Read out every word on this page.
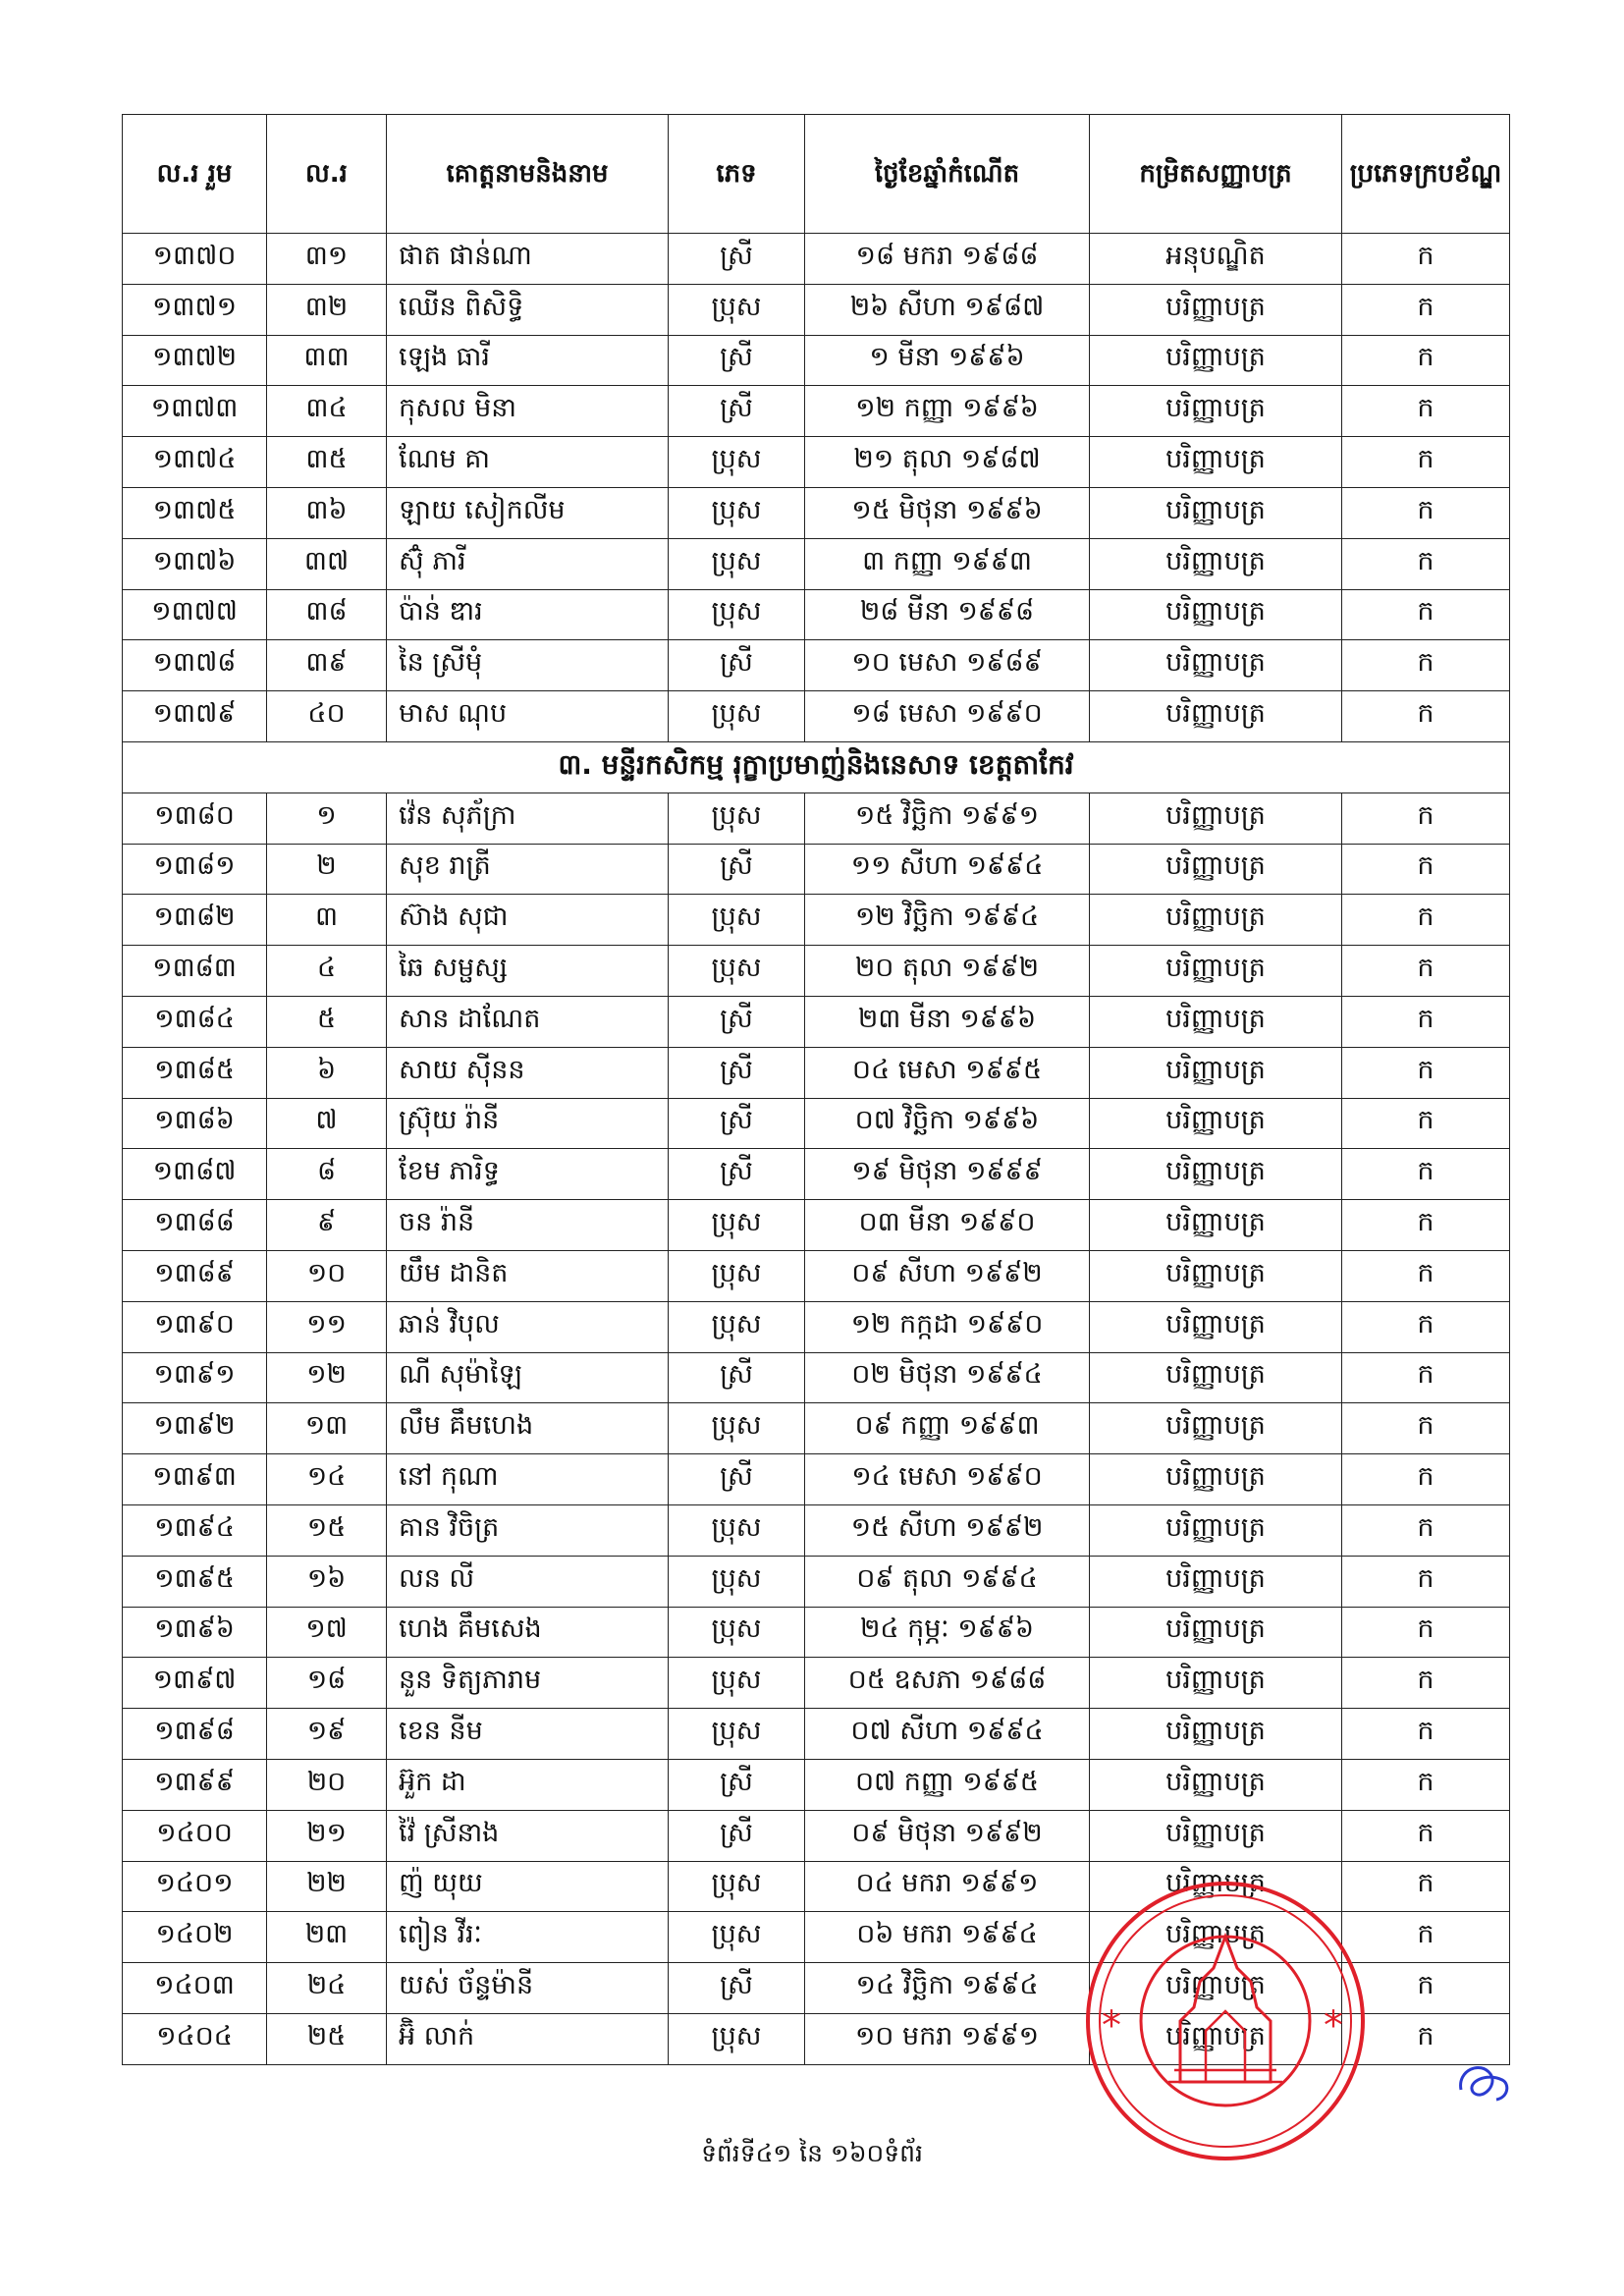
ល.រ រួម	ល.រ	គោត្តនាមនិងនាម	ភេទ	ថ្ងៃខែឆ្នាំកំណើត	កម្រិតសញ្ញាបត្រ	ប្រភេទក្របខ័ណ្ឌ
១៣៧០	៣១	ផាត ផាន់ណា	ស្រី	១៨ មករា ១៩៨៨	អនុបណ្ឌិត	ក
១៣៧១	៣២	ឈើន ពិសិទ្ធិ	ប្រុស	២៦ សីហា ១៩៨៧	បរិញ្ញាបត្រ	ក
១៣៧២	៣៣	ឡេង ធារី	ស្រី	១ មីនា ១៩៩៦	បរិញ្ញាបត្រ	ក
១៣៧៣	៣៤	កុសល មិនា	ស្រី	១២ កញ្ញា ១៩៩៦	បរិញ្ញាបត្រ	ក
១៣៧៤	៣៥	ណែម គា	ប្រុស	២១ តុលា ១៩៨៧	បរិញ្ញាបត្រ	ក
១៣៧៥	៣៦	ឡាយ សៀកលីម	ប្រុស	១៥ មិថុនា ១៩៩៦	បរិញ្ញាបត្រ	ក
១៣៧៦	៣៧	ស៊ុំ ភារី	ប្រុស	៣ កញ្ញា ១៩៩៣	បរិញ្ញាបត្រ	ក
១៣៧៧	៣៨	ប៉ាន់ ឌារ	ប្រុស	២៨ មីនា ១៩៩៨	បរិញ្ញាបត្រ	ក
១៣៧៨	៣៩	នៃ ស្រីមុំ	ស្រី	១០ មេសា ១៩៨៩	បរិញ្ញាបត្រ	ក
១៣៧៩	៤០	មាស ណុប	ប្រុស	១៨ មេសា ១៩៩០	បរិញ្ញាបត្រ	ក
៣. មន្ទីរកសិកម្ម រុក្ខាប្រមាញ់និងនេសាទ ខេត្តតាកែវ						
១៣៨០	១	វ៉េន សុភ័ក្រា	ប្រុស	១៥ វិច្ឆិកា ១៩៩១	បរិញ្ញាបត្រ	ក
១៣៨១	២	សុខ រាត្រី	ស្រី	១១ សីហា ១៩៩៤	បរិញ្ញាបត្រ	ក
១៣៨២	៣	ស៊ាង សុជា	ប្រុស	១២ វិច្ឆិកា ១៩៩៤	បរិញ្ញាបត្រ	ក
១៣៨៣	៤	ឆៃ សម្ផស្ស	ប្រុស	២០ តុលា ១៩៩២	បរិញ្ញាបត្រ	ក
១៣៨៤	៥	សាន ដាណែត	ស្រី	២៣ មីនា ១៩៩៦	បរិញ្ញាបត្រ	ក
១៣៨៥	៦	សាយ ស៊ីនន	ស្រី	០៤ មេសា ១៩៩៥	បរិញ្ញាបត្រ	ក
១៣៨៦	៧	ស្រ៊ុយ រ៉ានី	ស្រី	០៧ វិច្ឆិកា ១៩៩៦	បរិញ្ញាបត្រ	ក
១៣៨៧	៨	ខែម ភារិទ្ធ	ស្រី	១៩ មិថុនា ១៩៩៩	បរិញ្ញាបត្រ	ក
១៣៨៨	៩	ចន រ៉ានី	ប្រុស	០៣ មីនា ១៩៩០	បរិញ្ញាបត្រ	ក
១៣៨៩	១០	យឹម ដានិត	ប្រុស	០៩ សីហា ១៩៩២	បរិញ្ញាបត្រ	ក
១៣៩០	១១	ឆាន់ វិបុល	ប្រុស	១២ កក្កដា ១៩៩០	បរិញ្ញាបត្រ	ក
១៣៩១	១២	ណី សុម៉ាឡៃ	ស្រី	០២ មិថុនា ១៩៩៤	បរិញ្ញាបត្រ	ក
១៣៩២	១៣	លឹម គឹមហេង	ប្រុស	០៩ កញ្ញា ១៩៩៣	បរិញ្ញាបត្រ	ក
១៣៩៣	១៤	នៅ កុណា	ស្រី	១៤ មេសា ១៩៩០	បរិញ្ញាបត្រ	ក
១៣៩៤	១៥	គាន វិចិត្រ	ប្រុស	១៥ សីហា ១៩៩២	បរិញ្ញាបត្រ	ក
១៣៩៥	១៦	លន លី	ប្រុស	០៩ តុលា ១៩៩៤	បរិញ្ញាបត្រ	ក
១៣៩៦	១៧	ហេង គឹមសេង	ប្រុស	២៤ កុម្ភៈ ១៩៩៦	បរិញ្ញាបត្រ	ក
១៣៩៧	១៨	នួន ទិត្យភារាម	ប្រុស	០៥ ឧសភា ១៩៨៨	បរិញ្ញាបត្រ	ក
១៣៩៨	១៩	ខេន នីម	ប្រុស	០៧ សីហា ១៩៩៤	បរិញ្ញាបត្រ	ក
១៣៩៩	២០	អ៊ួក ដា	ស្រី	០៧ កញ្ញា ១៩៩៥	បរិញ្ញាបត្រ	ក
១៤០០	២១	វ៉ៃ ស្រីនាង	ស្រី	០៩ មិថុនា ១៩៩២	បរិញ្ញាបត្រ	ក
១៤០១	២២	ញ៉ យុយ	ប្រុស	០៤ មករា ១៩៩១	បរិញ្ញាបត្រ	ក
១៤០២	២៣	ពៀន វីរៈ	ប្រុស	០៦ មករា ១៩៩៤	បរិញ្ញាបត្រ	ក
១៤០៣	២៤	យស់ ច័ន្ទម៉ានី	ស្រី	១៤ វិច្ឆិកា ១៩៩៤	បរិញ្ញាបត្រ	ក
១៤០៤	២៥	អ៊ិ លាក់	ប្រុស	១០ មករា ១៩៩១	បរិញ្ញាបត្រ	ក
*	*
ទំព័រទី៤១ នៃ ១៦០ទំព័រ
